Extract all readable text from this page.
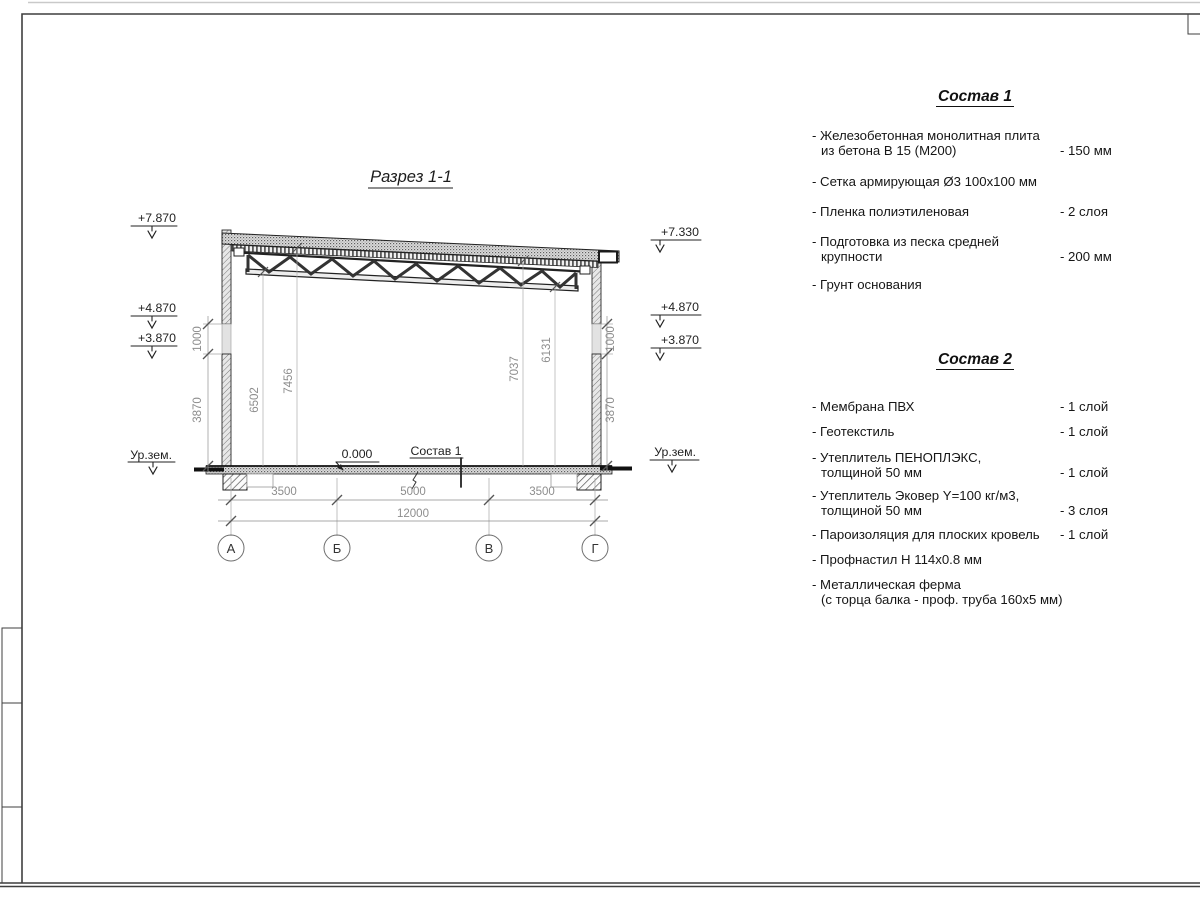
Разрез 1-1
6502
7456	7037
6131
1000
3870
1000
3870
3500	5000	3500
12000
А	Б	В	Г
+7.870
+4.870
+3.870
Ур.зем.
+7.330
+4.870
+3.870
Ур.зем.
0.000	Состав 1
Состав 1
- Железобетонная монолитная плита
из бетона В 15 (М200)	- 150 мм
- Сетка армирующая Ø3 100х100 мм
- Пленка полиэтиленовая	- 2 слоя
- Подготовка из песка средней
крупности	- 200 мм
- Грунт основания
Состав 2
- Мембрана ПВХ	- 1 слой
- Геотекстиль	- 1 слой
- Утеплитель ПЕНОПЛЭКС,
толщиной 50 мм	- 1 слой
- Утеплитель Эковер Y=100 кг/м3,
толщиной 50 мм	- 3 слоя
- Пароизоляция для плоских кровель	- 1 слой
- Профнастил Н 114х0.8 мм
- Металлическая ферма
(с торца балка - проф. труба 160х5 мм)
